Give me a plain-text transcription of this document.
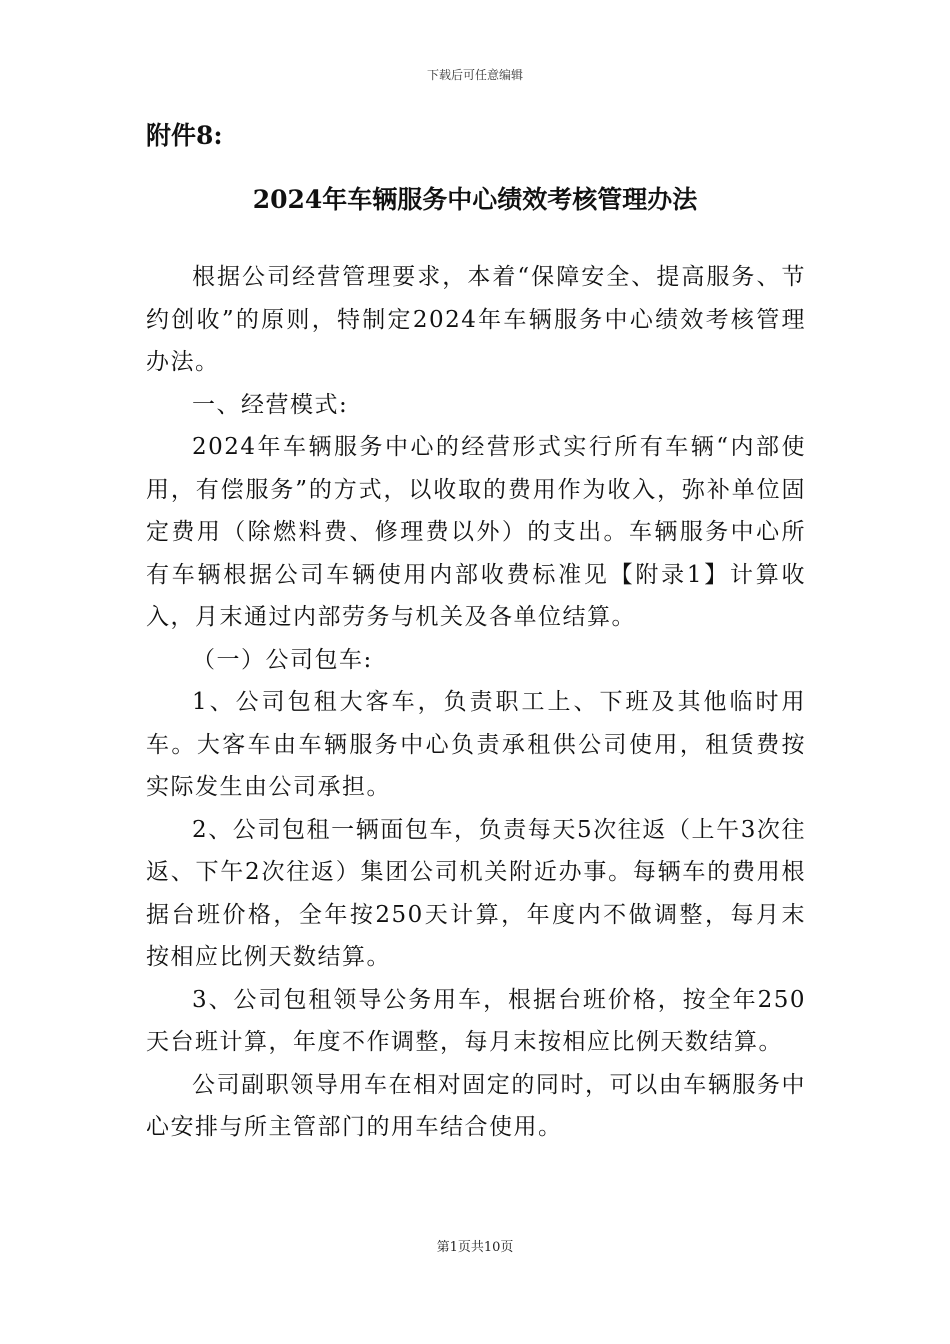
下载后可任意编辑
附件8:
2024年车辆服务中心绩效考核管理办法

根据公司经营管理要求，本着“保障安全、提高服务、节约创收”的原则，特制定2024年车辆服务中心绩效考核管理办法。

一、经营模式:

2024年车辆服务中心的经营形式实行所有车辆“内部使用，有偿服务”的方式，以收取的费用作为收入，弥补单位固定费用（除燃料费、修理费以外）的支出。车辆服务中心所有车辆根据公司车辆使用内部收费标准见【附录1】计算收入，月末通过内部劳务与机关及各单位结算。

（一）公司包车:

1、公司包租大客车，负责职工上、下班及其他临时用车。大客车由车辆服务中心负责承租供公司使用，租赁费按实际发生由公司承担。

2、公司包租一辆面包车，负责每天5次往返（上午3次往返、下午2次往返）集团公司机关附近办事。每辆车的费用根据台班价格，全年按250天计算，年度内不做调整，每月末按相应比例天数结算。

3、公司包租领导公务用车，根据台班价格，按全年250天台班计算，年度不作调整，每月末按相应比例天数结算。

公司副职领导用车在相对固定的同时，可以由车辆服务中心安排与所主管部门的用车结合使用。

第1页共10页
